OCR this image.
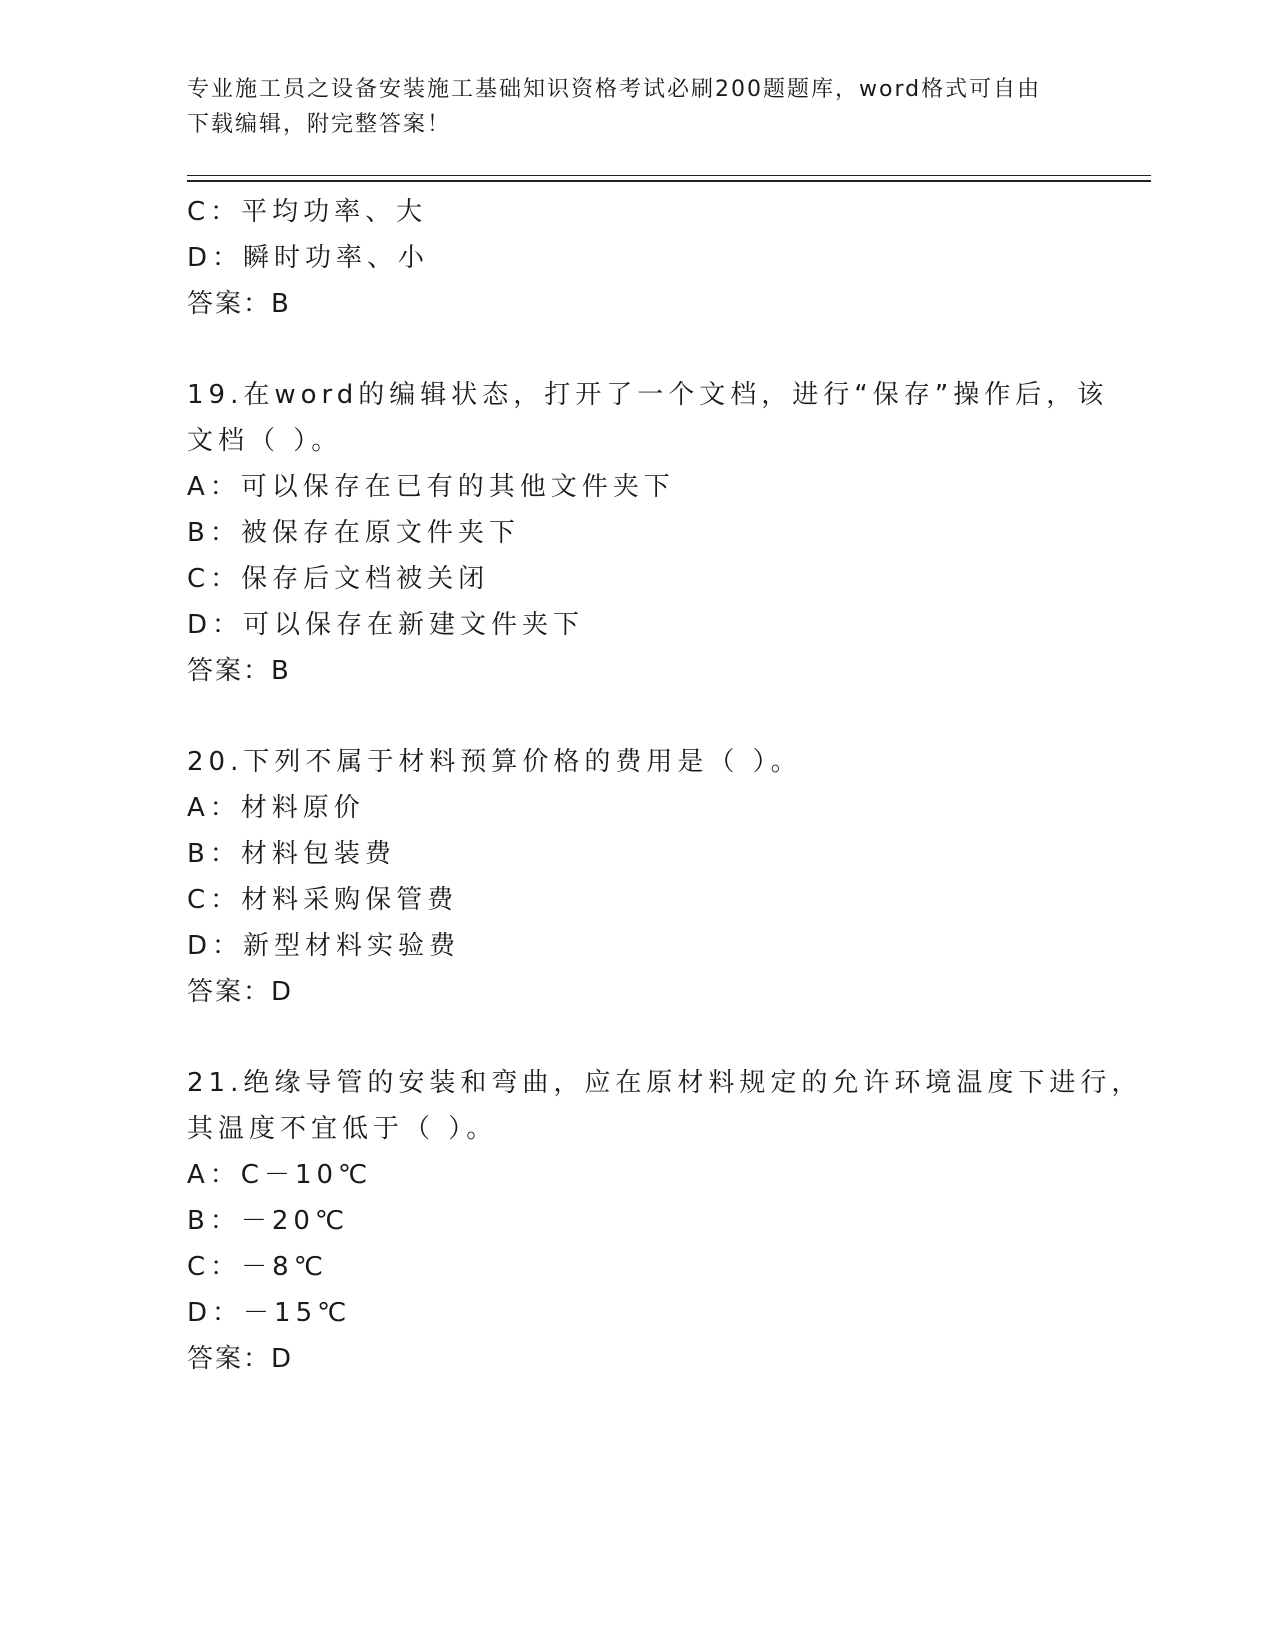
专业施工员之设备安装施工基础知识资格考试必刷200题题库，word格式可自由
下载编辑，附完整答案！
C：平均功率、大
D：瞬时功率、小
答案：B
19.在word的编辑状态，打开了一个文档，进行“保存”操作后，该
文档（ ）。
A：可以保存在已有的其他文件夹下
B：被保存在原文件夹下
C：保存后文档被关闭
D：可以保存在新建文件夹下
答案：B
20.下列不属于材料预算价格的费用是（ ）。
A：材料原价
B：材料包装费
C：材料采购保管费
D：新型材料实验费
答案：D
21.绝缘导管的安装和弯曲，应在原材料规定的允许环境温度下进行，
其温度不宜低于（ ）。
A：C－10℃
B：－20℃
C：－8℃
D：－15℃
答案：D
